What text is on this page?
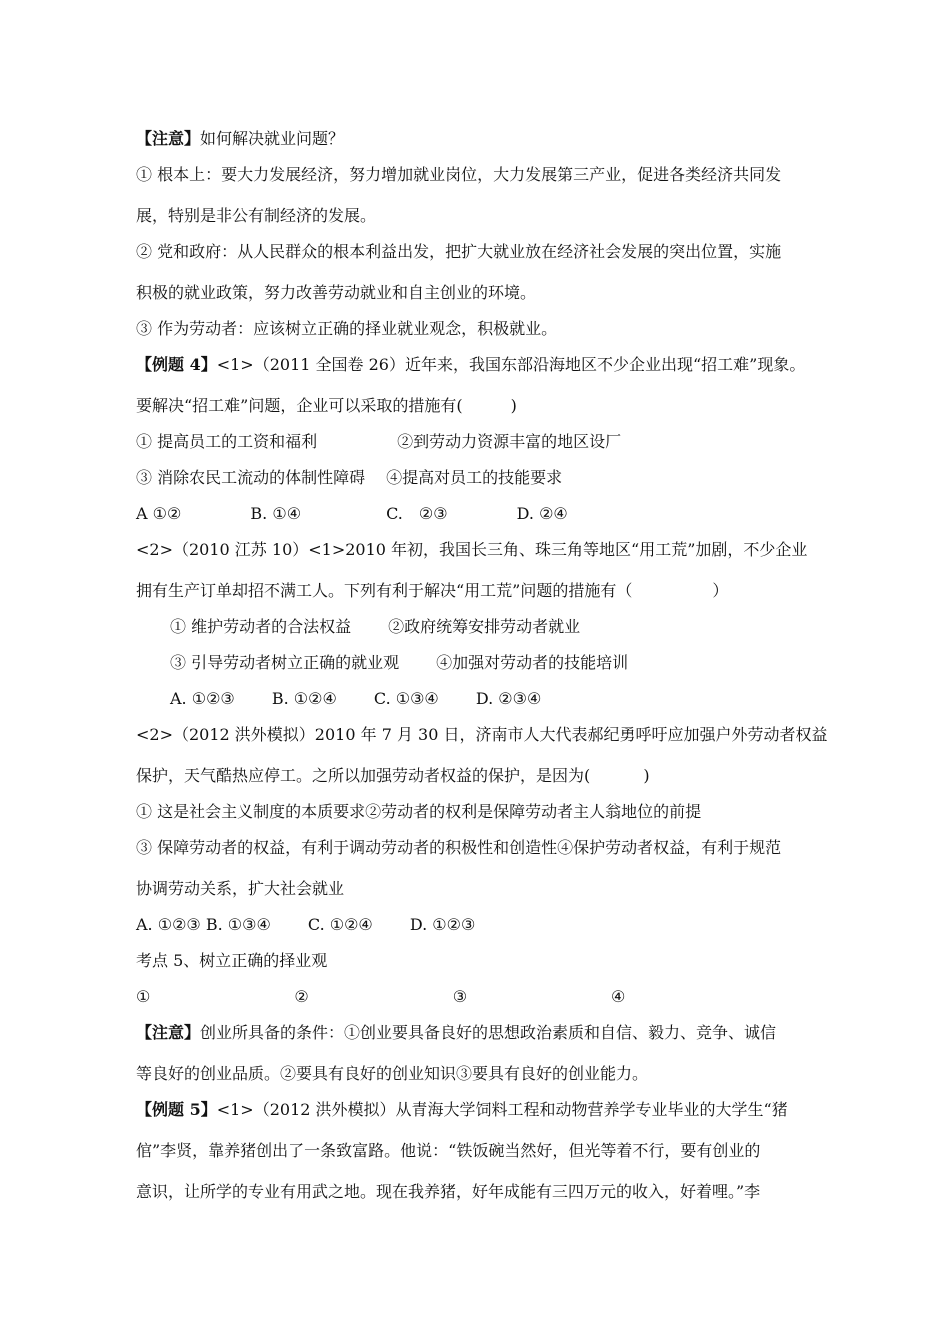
【注意】如何解决就业问题？
① 根本上：要大力发展经济，努力增加就业岗位，大力发展第三产业，促进各类经济共同发
展，特别是非公有制经济的发展。
② 党和政府：从人民群众的根本利益出发，把扩大就业放在经济社会发展的突出位置，实施
积极的就业政策，努力改善劳动就业和自主创业的环境。
③ 作为劳动者：应该树立正确的择业就业观念，积极就业。
【例题 4】<1>（2011 全国卷 26）近年来，我国东部沿海地区不少企业出现“招工难”现象。
要解决“招工难”问题，企业可以采取的措施有(　　　)
① 提高员工的工资和福利　　　　　②到劳动力资源丰富的地区设厂
③ 消除农民工流动的体制性障碍　 ④提高对员工的技能要求
A ①②　　　　 B. ①④　　　　　 C.　②③　　　　 D. ②④
<2>（2010 江苏 10）<1>2010 年初，我国长三角、珠三角等地区“用工荒”加剧，不少企业
拥有生产订单却招不满工人。下列有利于解决“用工荒”问题的措施有（　　　　　）
① 维护劳动者的合法权益　　 ②政府统筹安排劳动者就业
③ 引导劳动者树立正确的就业观　　 ④加强对劳动者的技能培训
A. ①②③　　 B. ①②④　　 C. ①③④　　 D. ②③④
<2>（2012 洪外模拟）2010 年 7 月 30 日，济南市人大代表郝纪勇呼吁应加强户外劳动者权益
保护，天气酷热应停工。之所以加强劳动者权益的保护，是因为(　　　 )
① 这是社会主义制度的本质要求②劳动者的权利是保障劳动者主人翁地位的前提
③ 保障劳动者的权益，有利于调动劳动者的积极性和创造性④保护劳动者权益，有利于规范
协调劳动关系，扩大社会就业
A. ①②③ B. ①③④　　 C. ①②④　　 D. ①②③
考点 5、树立正确的择业观
①　　　　　　　　　②　　　　　　　　　③　　　　　　　　　④
【注意】创业所具备的条件：①创业要具备良好的思想政治素质和自信、毅力、竞争、诚信
等良好的创业品质。②要具有良好的创业知识③要具有良好的创业能力。
【例题 5】<1>（2012 洪外模拟）从青海大学饲料工程和动物营养学专业毕业的大学生“猪
倌”李贤，靠养猪创出了一条致富路。他说：“铁饭碗当然好，但光等着不行，要有创业的
意识，让所学的专业有用武之地。现在我养猪，好年成能有三四万元的收入，好着哩。”李
